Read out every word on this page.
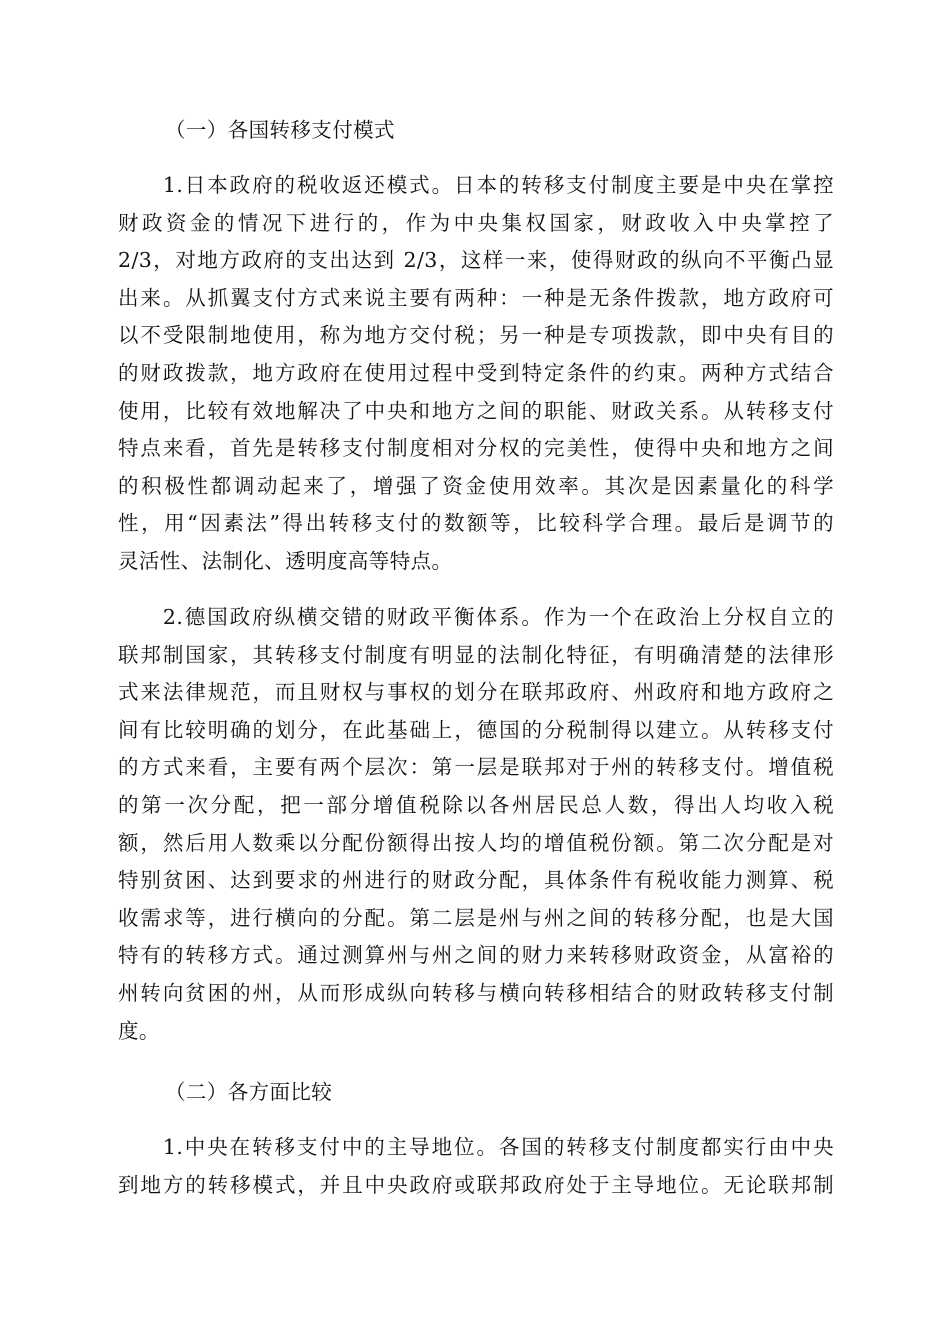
（一）各国转移支付模式
　　1.日本政府的税收返还模式。日本的转移支付制度主要是中央在掌控
财政资金的情况下进行的，作为中央集权国家，财政收入中央掌控了
2/3，对地方政府的支出达到 2/3，这样一来，使得财政的纵向不平衡凸显
出来。从抓翼支付方式来说主要有两种：一种是无条件拨款，地方政府可
以不受限制地使用，称为地方交付税；另一种是专项拨款，即中央有目的
的财政拨款，地方政府在使用过程中受到特定条件的约束。两种方式结合
使用，比较有效地解决了中央和地方之间的职能、财政关系。从转移支付
特点来看，首先是转移支付制度相对分权的完美性，使得中央和地方之间
的积极性都调动起来了，增强了资金使用效率。其次是因素量化的科学
性，用“因素法”得出转移支付的数额等，比较科学合理。最后是调节的
灵活性、法制化、透明度高等特点。
　　2.德国政府纵横交错的财政平衡体系。作为一个在政治上分权自立的
联邦制国家，其转移支付制度有明显的法制化特征，有明确清楚的法律形
式来法律规范，而且财权与事权的划分在联邦政府、州政府和地方政府之
间有比较明确的划分，在此基础上，德国的分税制得以建立。从转移支付
的方式来看，主要有两个层次：第一层是联邦对于州的转移支付。增值税
的第一次分配，把一部分增值税除以各州居民总人数，得出人均收入税
额，然后用人数乘以分配份额得出按人均的增值税份额。第二次分配是对
特别贫困、达到要求的州进行的财政分配，具体条件有税收能力测算、税
收需求等，进行横向的分配。第二层是州与州之间的转移分配，也是大国
特有的转移方式。通过测算州与州之间的财力来转移财政资金，从富裕的
州转向贫困的州，从而形成纵向转移与横向转移相结合的财政转移支付制
度。
（二）各方面比较
　　1.中央在转移支付中的主导地位。各国的转移支付制度都实行由中央
到地方的转移模式，并且中央政府或联邦政府处于主导地位。无论联邦制
